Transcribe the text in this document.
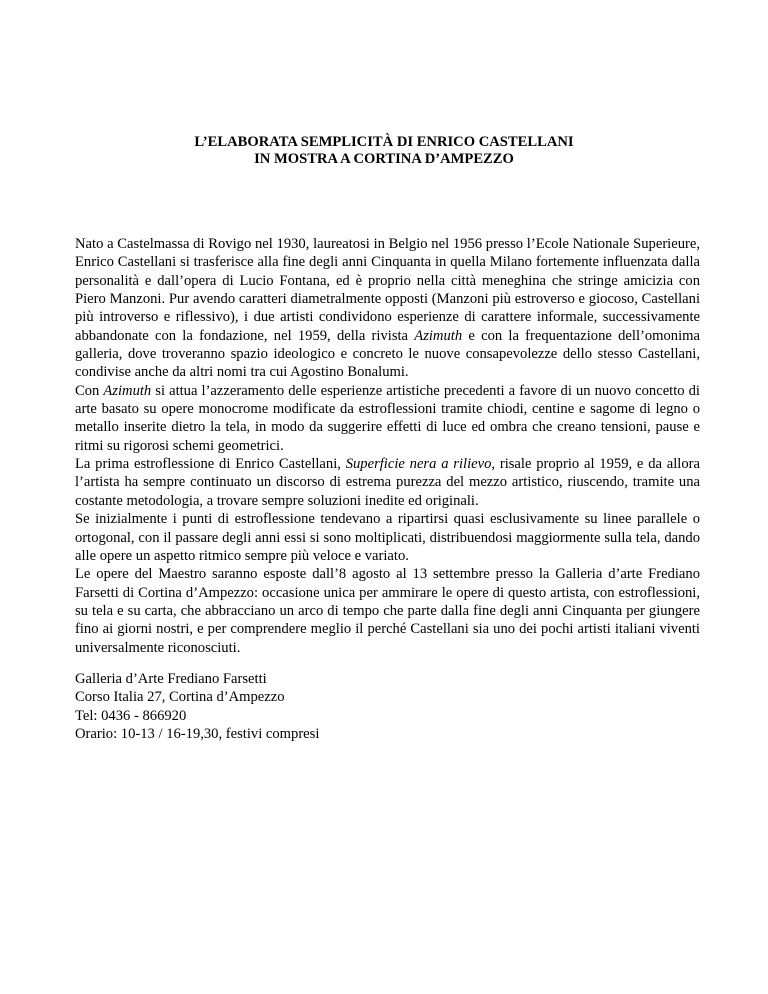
L’ELABORATA SEMPLICITÀ DI ENRICO CASTELLANI
IN MOSTRA A CORTINA D’AMPEZZO

Nato a Castelmassa di Rovigo nel 1930, laureatosi in Belgio nel 1956 presso l’Ecole Nationale Superieure, Enrico Castellani si trasferisce alla fine degli anni Cinquanta in quella Milano fortemente influenzata dalla personalità e dall’opera di Lucio Fontana, ed è proprio nella città meneghina che stringe amicizia con Piero Manzoni. Pur avendo caratteri diametralmente opposti (Manzoni più estroverso e giocoso, Castellani più introverso e riflessivo), i due artisti condividono esperienze di carattere informale, successivamente abbandonate con la fondazione, nel 1959, della rivista Azimuth e con la frequentazione dell’omonima galleria, dove troveranno spazio ideologico e concreto le nuove consapevolezze dello stesso Castellani, condivise anche da altri nomi tra cui Agostino Bonalumi.

Con Azimuth si attua l’azzeramento delle esperienze artistiche precedenti a favore di un nuovo concetto di arte basato su opere monocrome modificate da estroflessioni tramite chiodi, centine e sagome di legno o metallo inserite dietro la tela, in modo da suggerire effetti di luce ed ombra che creano tensioni, pause e ritmi su rigorosi schemi geometrici.

La prima estroflessione di Enrico Castellani, Superficie nera a rilievo, risale proprio al 1959, e da allora l’artista ha sempre continuato un discorso di estrema purezza del mezzo artistico, riuscendo, tramite una costante metodologia, a trovare sempre soluzioni inedite ed originali.

Se inizialmente i punti di estroflessione tendevano a ripartirsi quasi esclusivamente su linee parallele o ortogonal, con il passare degli anni essi si sono moltiplicati, distribuendosi maggiormente sulla tela, dando alle opere un aspetto ritmico sempre più veloce e variato.

Le opere del Maestro saranno esposte dall’8 agosto al 13 settembre presso la Galleria d’arte Frediano Farsetti di Cortina d’Ampezzo: occasione unica per ammirare le opere di questo artista, con estroflessioni, su tela e su carta, che abbracciano un arco di tempo che parte dalla fine degli anni Cinquanta per giungere fino ai giorni nostri, e per comprendere meglio il perché Castellani sia uno dei pochi artisti italiani viventi universalmente riconosciuti.

Galleria d’Arte Frediano Farsetti
Corso Italia 27, Cortina d’Ampezzo
Tel: 0436 - 866920
Orario: 10-13 / 16-19,30, festivi compresi
